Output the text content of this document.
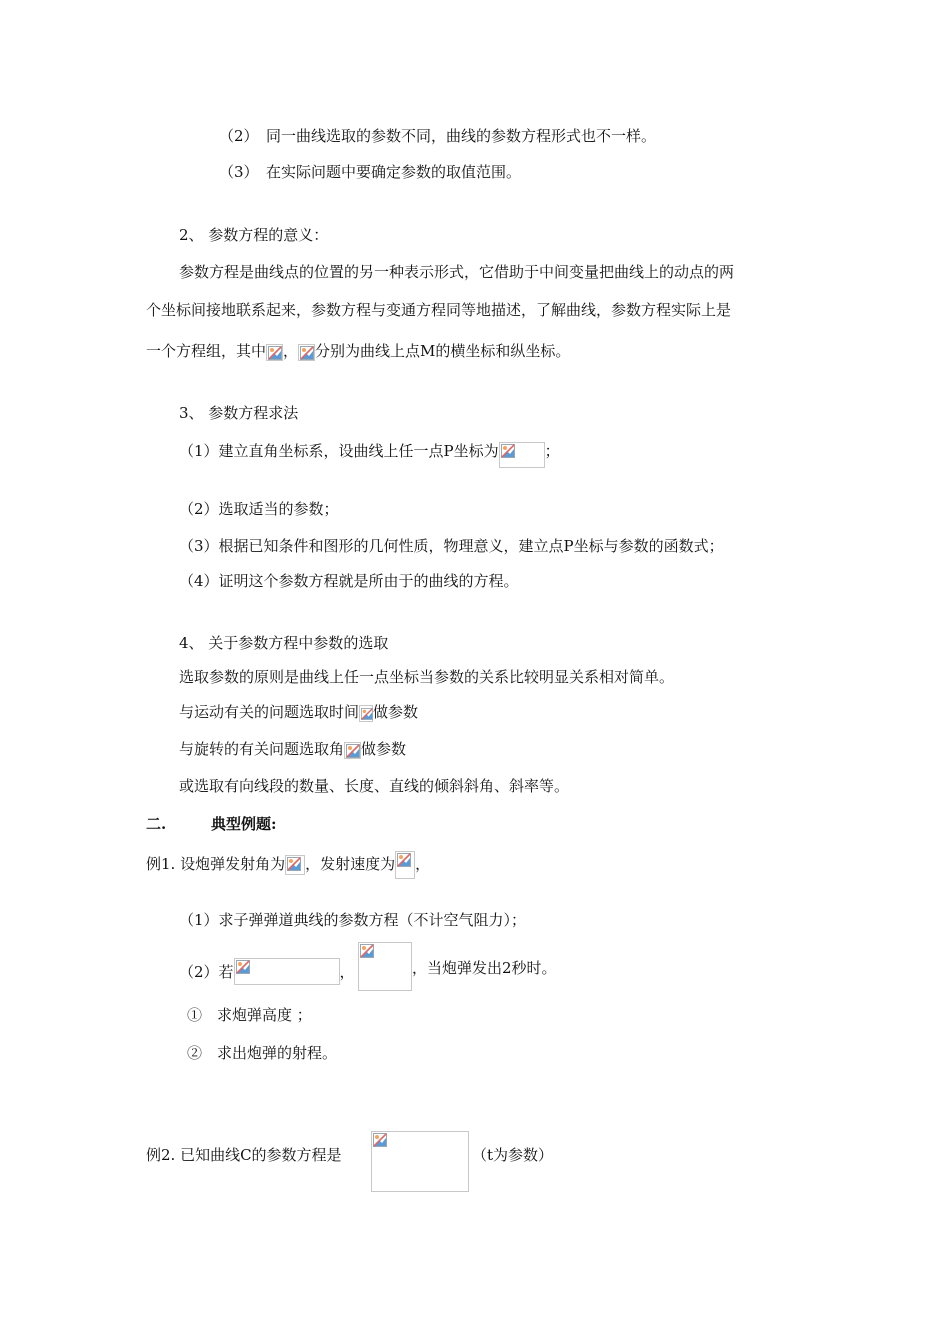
（2）　同一曲线选取的参数不同，曲线的参数方程形式也不一样。
（3）　在实际问题中要确定参数的取值范围。
2、 参数方程的意义：
参数方程是曲线点的位置的另一种表示形式，它借助于中间变量把曲线上的动点的两
个坐标间接地联系起来，参数方程与变通方程同等地描述，了解曲线，参数方程实际上是
一个方程组，其中 ， 分别为曲线上点M的横坐标和纵坐标。
3、 参数方程求法
（1）建立直角坐标系，设曲线上任一点P坐标为	；
（2）选取适当的参数；
（3）根据已知条件和图形的几何性质，物理意义，建立点P坐标与参数的函数式；
（4）证明这个参数方程就是所由于的曲线的方程。
4、 关于参数方程中参数的选取
选取参数的原则是曲线上任一点坐标当参数的关系比较明显关系相对简单。
与运动有关的问题选取时间 做参数
与旋转的有关问题选取角 做参数
或选取有向线段的数量、长度、直线的倾斜斜角、斜率等。
二.	典型例题:
例1. 设炮弹发射角为 ，发射速度为 ，
（1）求子弹弹道典线的参数方程（不计空气阻力）；
（2）若	，	，当炮弹发出2秒时。
①　求炮弹高度 ；
②　求出炮弹的射程。
例2. 已知曲线C的参数方程是	（t为参数）
